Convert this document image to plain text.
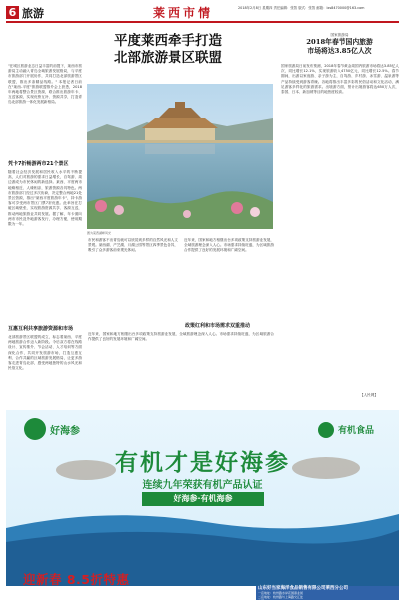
6 旅游	莱西市情	2018年2月8日 星期四 责任编辑：张智 版式：张智 邮箱：lxs8470000@163.com
平度莱西牵手打造
北部旅游景区联盟
"在城区旅游业态日益丰富的前提下，莱西市旅游局主动融入青岛全域旅游发展格局，与平度市旅游部门开展协作，共同打造北部旅游景区联盟，推出多条精品线路。" 本报记者日前在"莱西-平度"旅游联盟推介会上获悉，2018年两地将整合景区资源，联合推出旅游年卡、互送客源，实现优势互补、资源共享，打造青岛北部旅游一体化发展新格局。
凭卡7折畅游两市21个景区
随着社会经济发展和居民收入水平的不断提高，人们对旅游的需求日益增长，自驾游、周边游成为市民休闲的新选择。莱西、平度两市地缘相近、人缘相亲，旅游资源各具特色。两市旅游部门经过多次协商，决定整合两地21处景区资源，推出"莱西平度旅游年卡"，持卡游客可享受两市景区门票7折优惠。此举旨在打破区域壁垒，实现旅游资源共享、客源互送，推动两地旅游业共同发展。据了解，年卡面向两市市民及外地游客发行，办理方便，使用期限为一年。
互惠互利共享旅游资源和市场
北部旅游景区联盟的成立，标志着莱西、平度两地旅游合作迈入新阶段。今后双方将在线路设计、宣传推介、节会活动、人才培训等方面深化合作，共同开发旅游市场，打造互惠互利、合作共赢的区域旅游发展格局，让更多游客走进青岛北部，感受两地独特的山水风光和民俗文化。
图为莱西湖畔风光
市民和游客不出青岛就可以欣赏到多样的自然风光和人文景观。莱西湖、产芝湖、月湖公园等景区四季景色各异，吸引了众多游客前来观光休闲。
近年来，国家和地方相继出台多项政策支持旅游业发展，全域旅游理念深入人心。市场需求持续旺盛，为区域旅游合作提供了良好的发展环境和广阔空间。
政策红利和市场需求双重推动
近年来，国家和地方相继出台多项政策支持旅游业发展，全域旅游理念深入人心。市场需求持续旺盛，为区域旅游合作提供了良好的发展环境和广阔空间。
国家旅游局
2018年春节国内旅游
市场将达3.85亿人次
国家旅游局日前发布预测，2018年春节黄金周国内旅游市场将达3.85亿人次，同比增长12.1%，实现旅游收入4750亿元，同比增长12.5%。春节期间，出游以家庭游、亲子游为主，自驾游、乡村游、冰雪游、温泉游等产品持续受到游客青睐。各地将推出丰富多彩的民俗活动和文化活动，满足游客多样化的旅游需求。出境游方面，预计出境游客将达650万人次，泰国、日本、新加坡等目的地热度较高。
【人民网】
好海参	有机食品
有机才是好海参
连续九年荣获有机产品认证
好海参·有机海参
迎新春 8.5折特惠
山东好当家海洋食品销售有限公司莱西分公司
一店地址：杭州路水岸花园商业街
二店地址：杭州路与上海路交汇处
电话：13266389837
